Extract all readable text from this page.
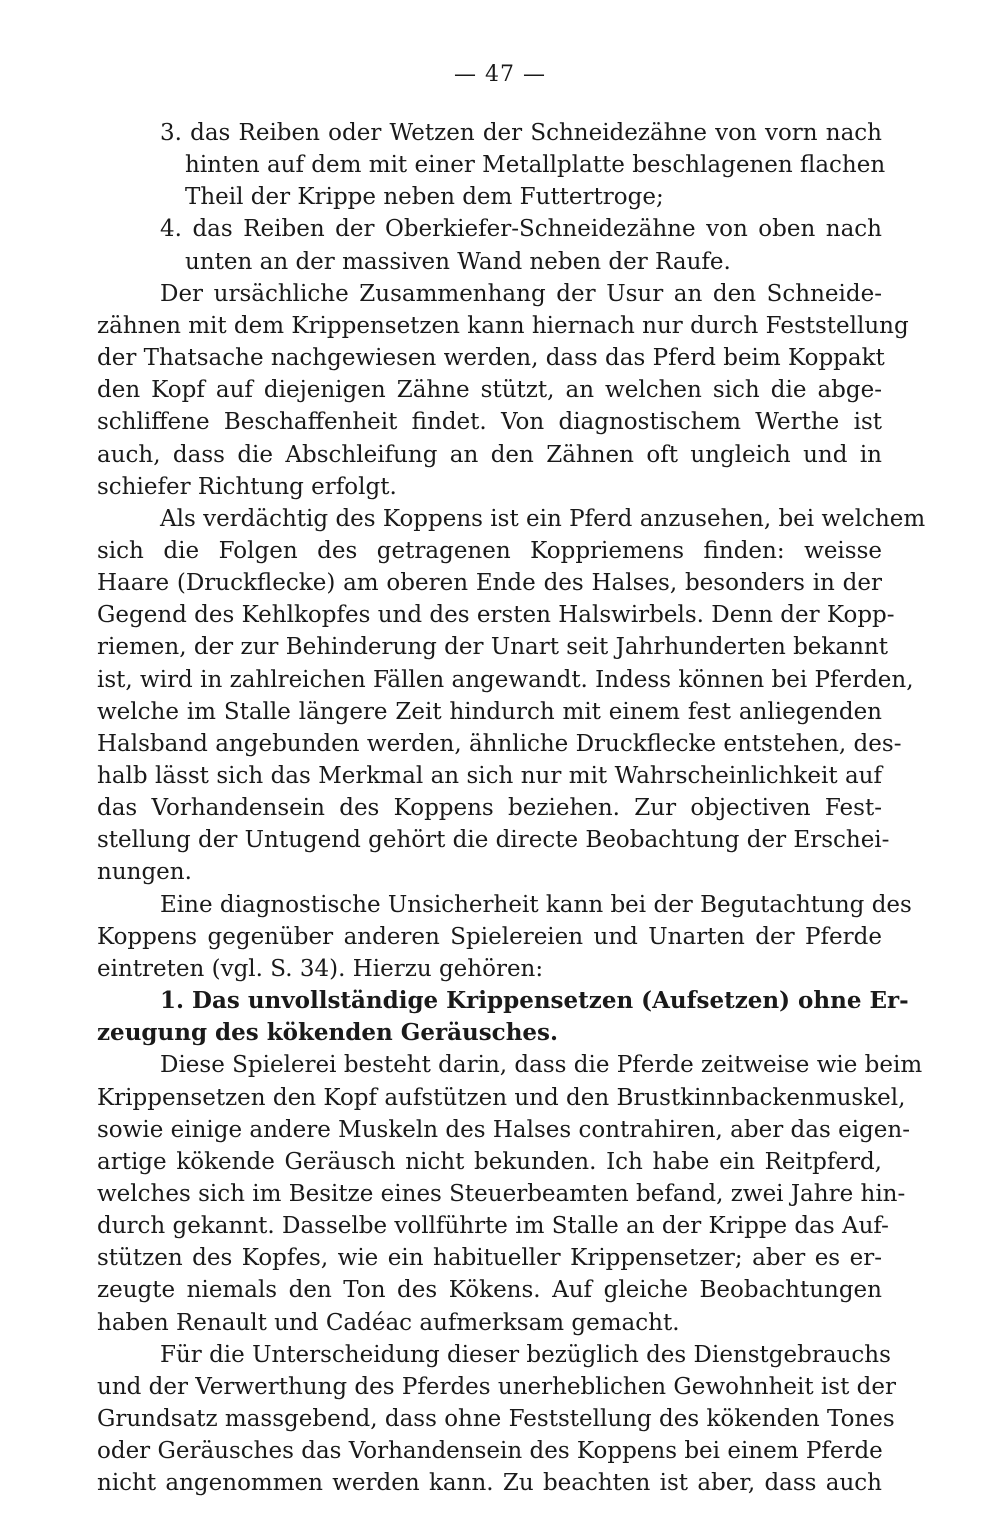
— 47 —
3. das Reiben oder Wetzen der Schneidezähne von vorn nach
hinten auf dem mit einer Metallplatte beschlagenen flachen
Theil der Krippe neben dem Futtertroge;
4. das Reiben der Oberkiefer-Schneidezähne von oben nach
unten an der massiven Wand neben der Raufe.
Der ursächliche Zusammenhang der Usur an den Schneide-
zähnen mit dem Krippensetzen kann hiernach nur durch Feststellung
der Thatsache nachgewiesen werden, dass das Pferd beim Koppakt
den Kopf auf diejenigen Zähne stützt, an welchen sich die abge-
schliffene Beschaffenheit findet. Von diagnostischem Werthe ist
auch, dass die Abschleifung an den Zähnen oft ungleich und in
schiefer Richtung erfolgt.
Als verdächtig des Koppens ist ein Pferd anzusehen, bei welchem
sich die Folgen des getragenen Koppriemens finden: weisse
Haare (Druckflecke) am oberen Ende des Halses, besonders in der
Gegend des Kehlkopfes und des ersten Halswirbels. Denn der Kopp-
riemen, der zur Behinderung der Unart seit Jahrhunderten bekannt
ist, wird in zahlreichen Fällen angewandt. Indess können bei Pferden,
welche im Stalle längere Zeit hindurch mit einem fest anliegenden
Halsband angebunden werden, ähnliche Druckflecke entstehen, des-
halb lässt sich das Merkmal an sich nur mit Wahrscheinlichkeit auf
das Vorhandensein des Koppens beziehen. Zur objectiven Fest-
stellung der Untugend gehört die directe Beobachtung der Erschei-
nungen.
Eine diagnostische Unsicherheit kann bei der Begutachtung des
Koppens gegenüber anderen Spielereien und Unarten der Pferde
eintreten (vgl. S. 34). Hierzu gehören:
1. Das unvollständige Krippensetzen (Aufsetzen) ohne Er-
zeugung des kökenden Geräusches.
Diese Spielerei besteht darin, dass die Pferde zeitweise wie beim
Krippensetzen den Kopf aufstützen und den Brustkinnbackenmuskel,
sowie einige andere Muskeln des Halses contrahiren, aber das eigen-
artige kökende Geräusch nicht bekunden. Ich habe ein Reitpferd,
welches sich im Besitze eines Steuerbeamten befand, zwei Jahre hin-
durch gekannt. Dasselbe vollführte im Stalle an der Krippe das Auf-
stützen des Kopfes, wie ein habitueller Krippensetzer; aber es er-
zeugte niemals den Ton des Kökens. Auf gleiche Beobachtungen
haben Renault und Cadéac aufmerksam gemacht.
Für die Unterscheidung dieser bezüglich des Dienstgebrauchs
und der Verwerthung des Pferdes unerheblichen Gewohnheit ist der
Grundsatz massgebend, dass ohne Feststellung des kökenden Tones
oder Geräusches das Vorhandensein des Koppens bei einem Pferde
nicht angenommen werden kann. Zu beachten ist aber, dass auch
